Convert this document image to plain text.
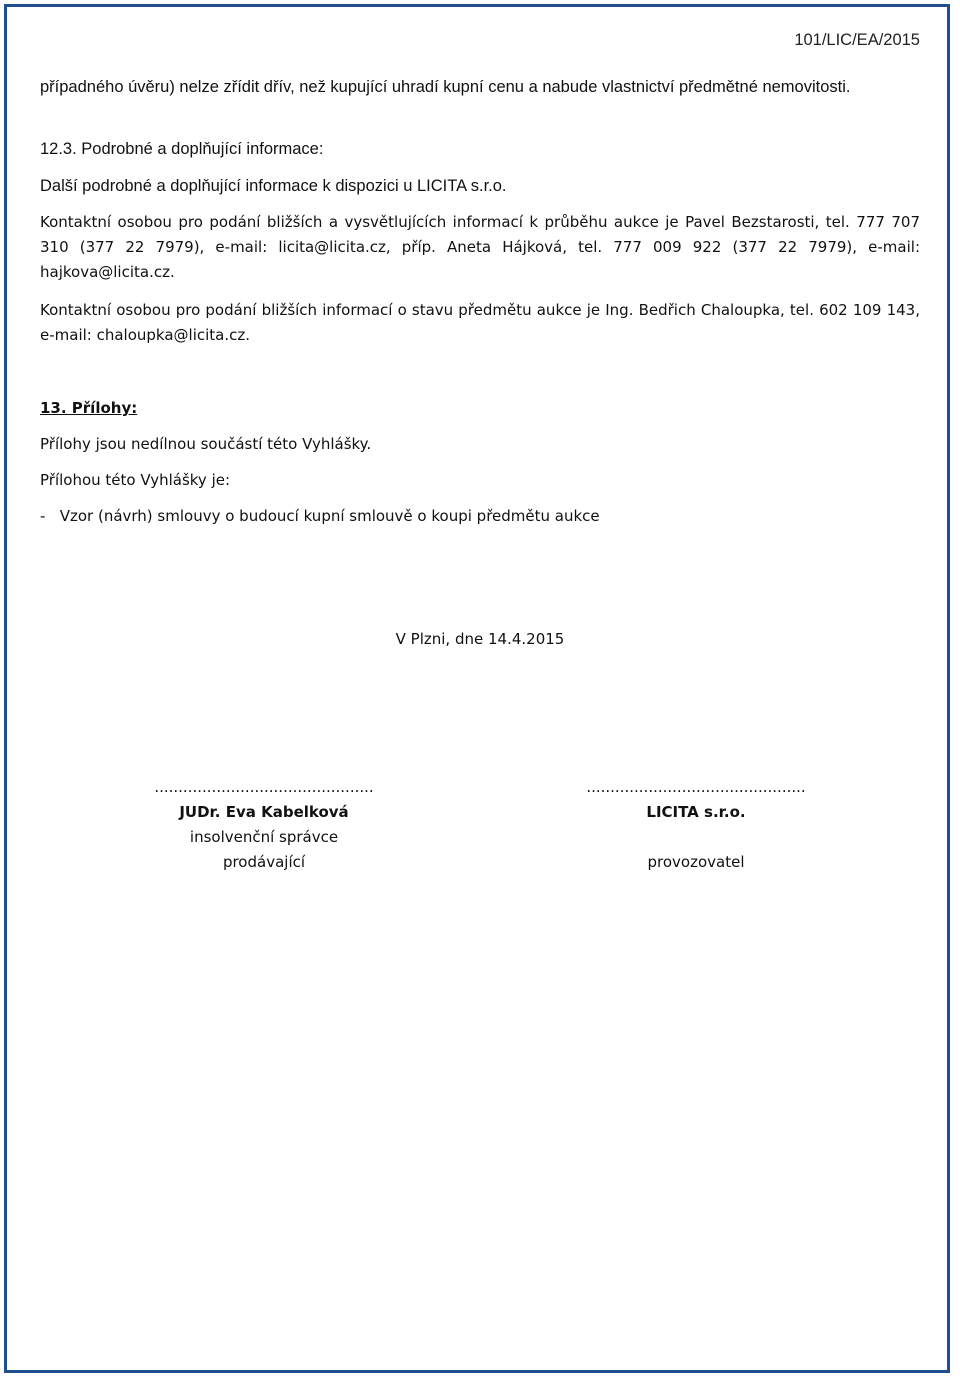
101/LIC/EA/2015

případného úvěru) nelze zřídit dřív, než kupující uhradí kupní cenu a nabude vlastnictví předmětné nemovitosti.

12.3. Podrobné a doplňující informace:

Další podrobné a doplňující informace k dispozici u LICITA s.r.o.

Kontaktní osobou pro podání bližších a vysvětlujících informací k průběhu aukce je Pavel Bezstarosti, tel. 777 707 310 (377 22 7979), e-mail: licita@licita.cz, příp. Aneta Hájková, tel. 777 009 922 (377 22 7979), e-mail: hajkova@licita.cz.

Kontaktní osobou pro podání bližších informací o stavu předmětu aukce je Ing. Bedřich Chaloupka, tel. 602 109 143, e-mail: chaloupka@licita.cz.

13. Přílohy:

Přílohy jsou nedílnou součástí této Vyhlášky.

Přílohou této Vyhlášky je:

-   Vzor (návrh) smlouvy o budoucí kupní smlouvě o koupi předmětu aukce

V Plzni, dne 14.4.2015
..............................................
JUDr. Eva Kabelková
insolvenční správce
prodávající
..............................................
LICITA s.r.o.
provozovatel
